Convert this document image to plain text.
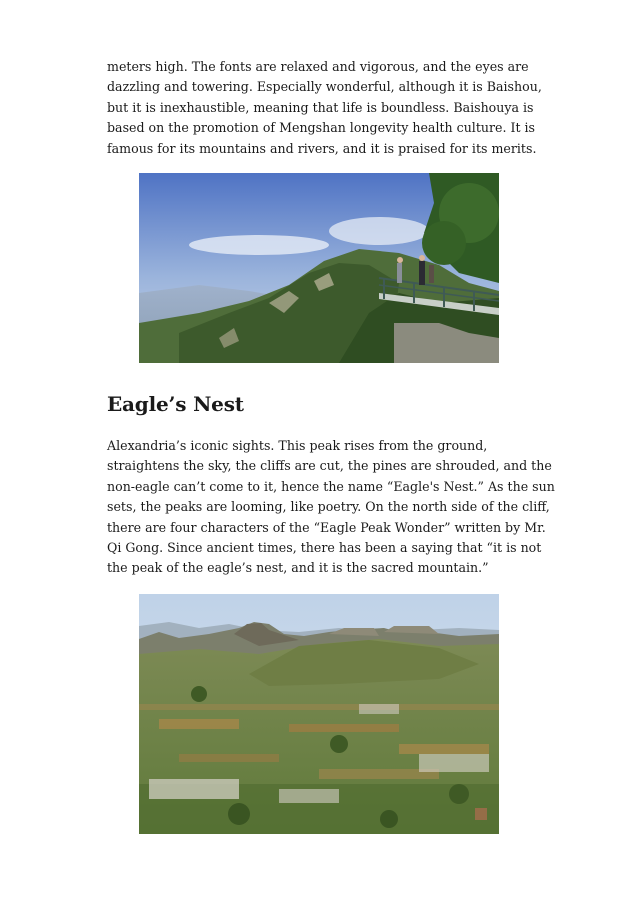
meters high. The fonts are relaxed and vigorous, and the eyes are
dazzling and towering. Especially wonderful, although it is Baishou,
but it is inexhaustible, meaning that life is boundless. Baishouya is
based on the promotion of Mengshan longevity health culture. It is
famous for its mountains and rivers, and it is praised for its merits.
Eagle’s Nest
Alexandria’s iconic sights. This peak rises from the ground,
straightens the sky, the cliffs are cut, the pines are shrouded, and the
non-eagle can’t come to it, hence the name “Eagle's Nest.” As the sun
sets, the peaks are looming, like poetry. On the north side of the cliff,
there are four characters of the “Eagle Peak Wonder” written by Mr.
Qi Gong. Since ancient times, there has been a saying that “it is not
the peak of the eagle’s nest, and it is the sacred mountain.”
